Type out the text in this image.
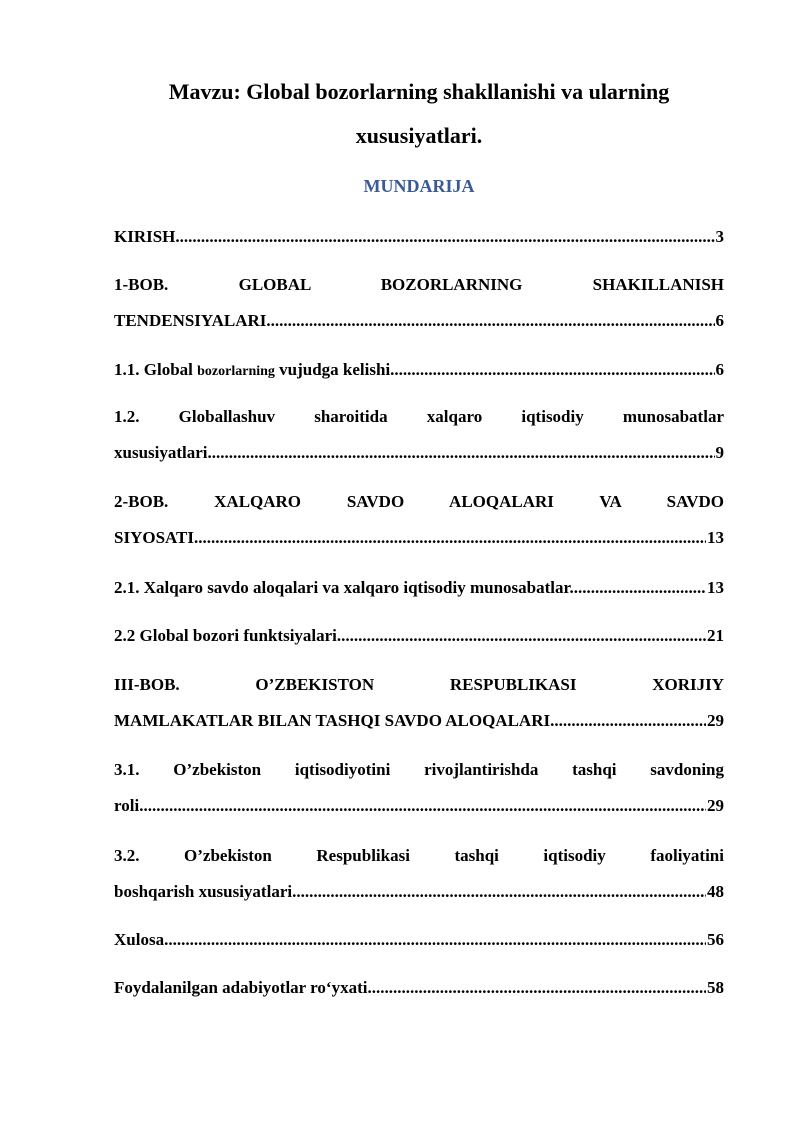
Mavzu: Global bozorlarning shakllanishi va ularning
xususiyatlari.
MUNDARIJA
KIRISH .....	3
1-BOB. GLOBAL BOZORLARNING SHAKILLANISH
TENDENSIYALARI .....	6
1.1. Global bozorlarning vujudga kelishi .....	6
1.2. Globallashuv sharoitida xalqaro iqtisodiy munosabatlar
xususiyatlari .....	9
2-BOB. XALQARO SAVDO ALOQALARI VA SAVDO
SIYOSATI .....	13
2.1. Xalqaro savdo aloqalari va xalqaro iqtisodiy munosabatlar. .....	13
2.2 Global bozori funktsiyalari .....	21
III-BOB. O’ZBEKISTON RESPUBLIKASI XORIJIY
MAMLAKATLAR BILAN TASHQI SAVDO ALOQALARI .....	29
3.1. O’zbekiston iqtisodiyotini rivojlantirishda tashqi savdoning
roli .....	29
3.2. O’zbekiston Respublikasi tashqi iqtisodiy faoliyatini
boshqarish xususiyatlari .....	48
Xulosa .....	56
Foydalanilgan adabiyotlar ro‘yxati .....	58
